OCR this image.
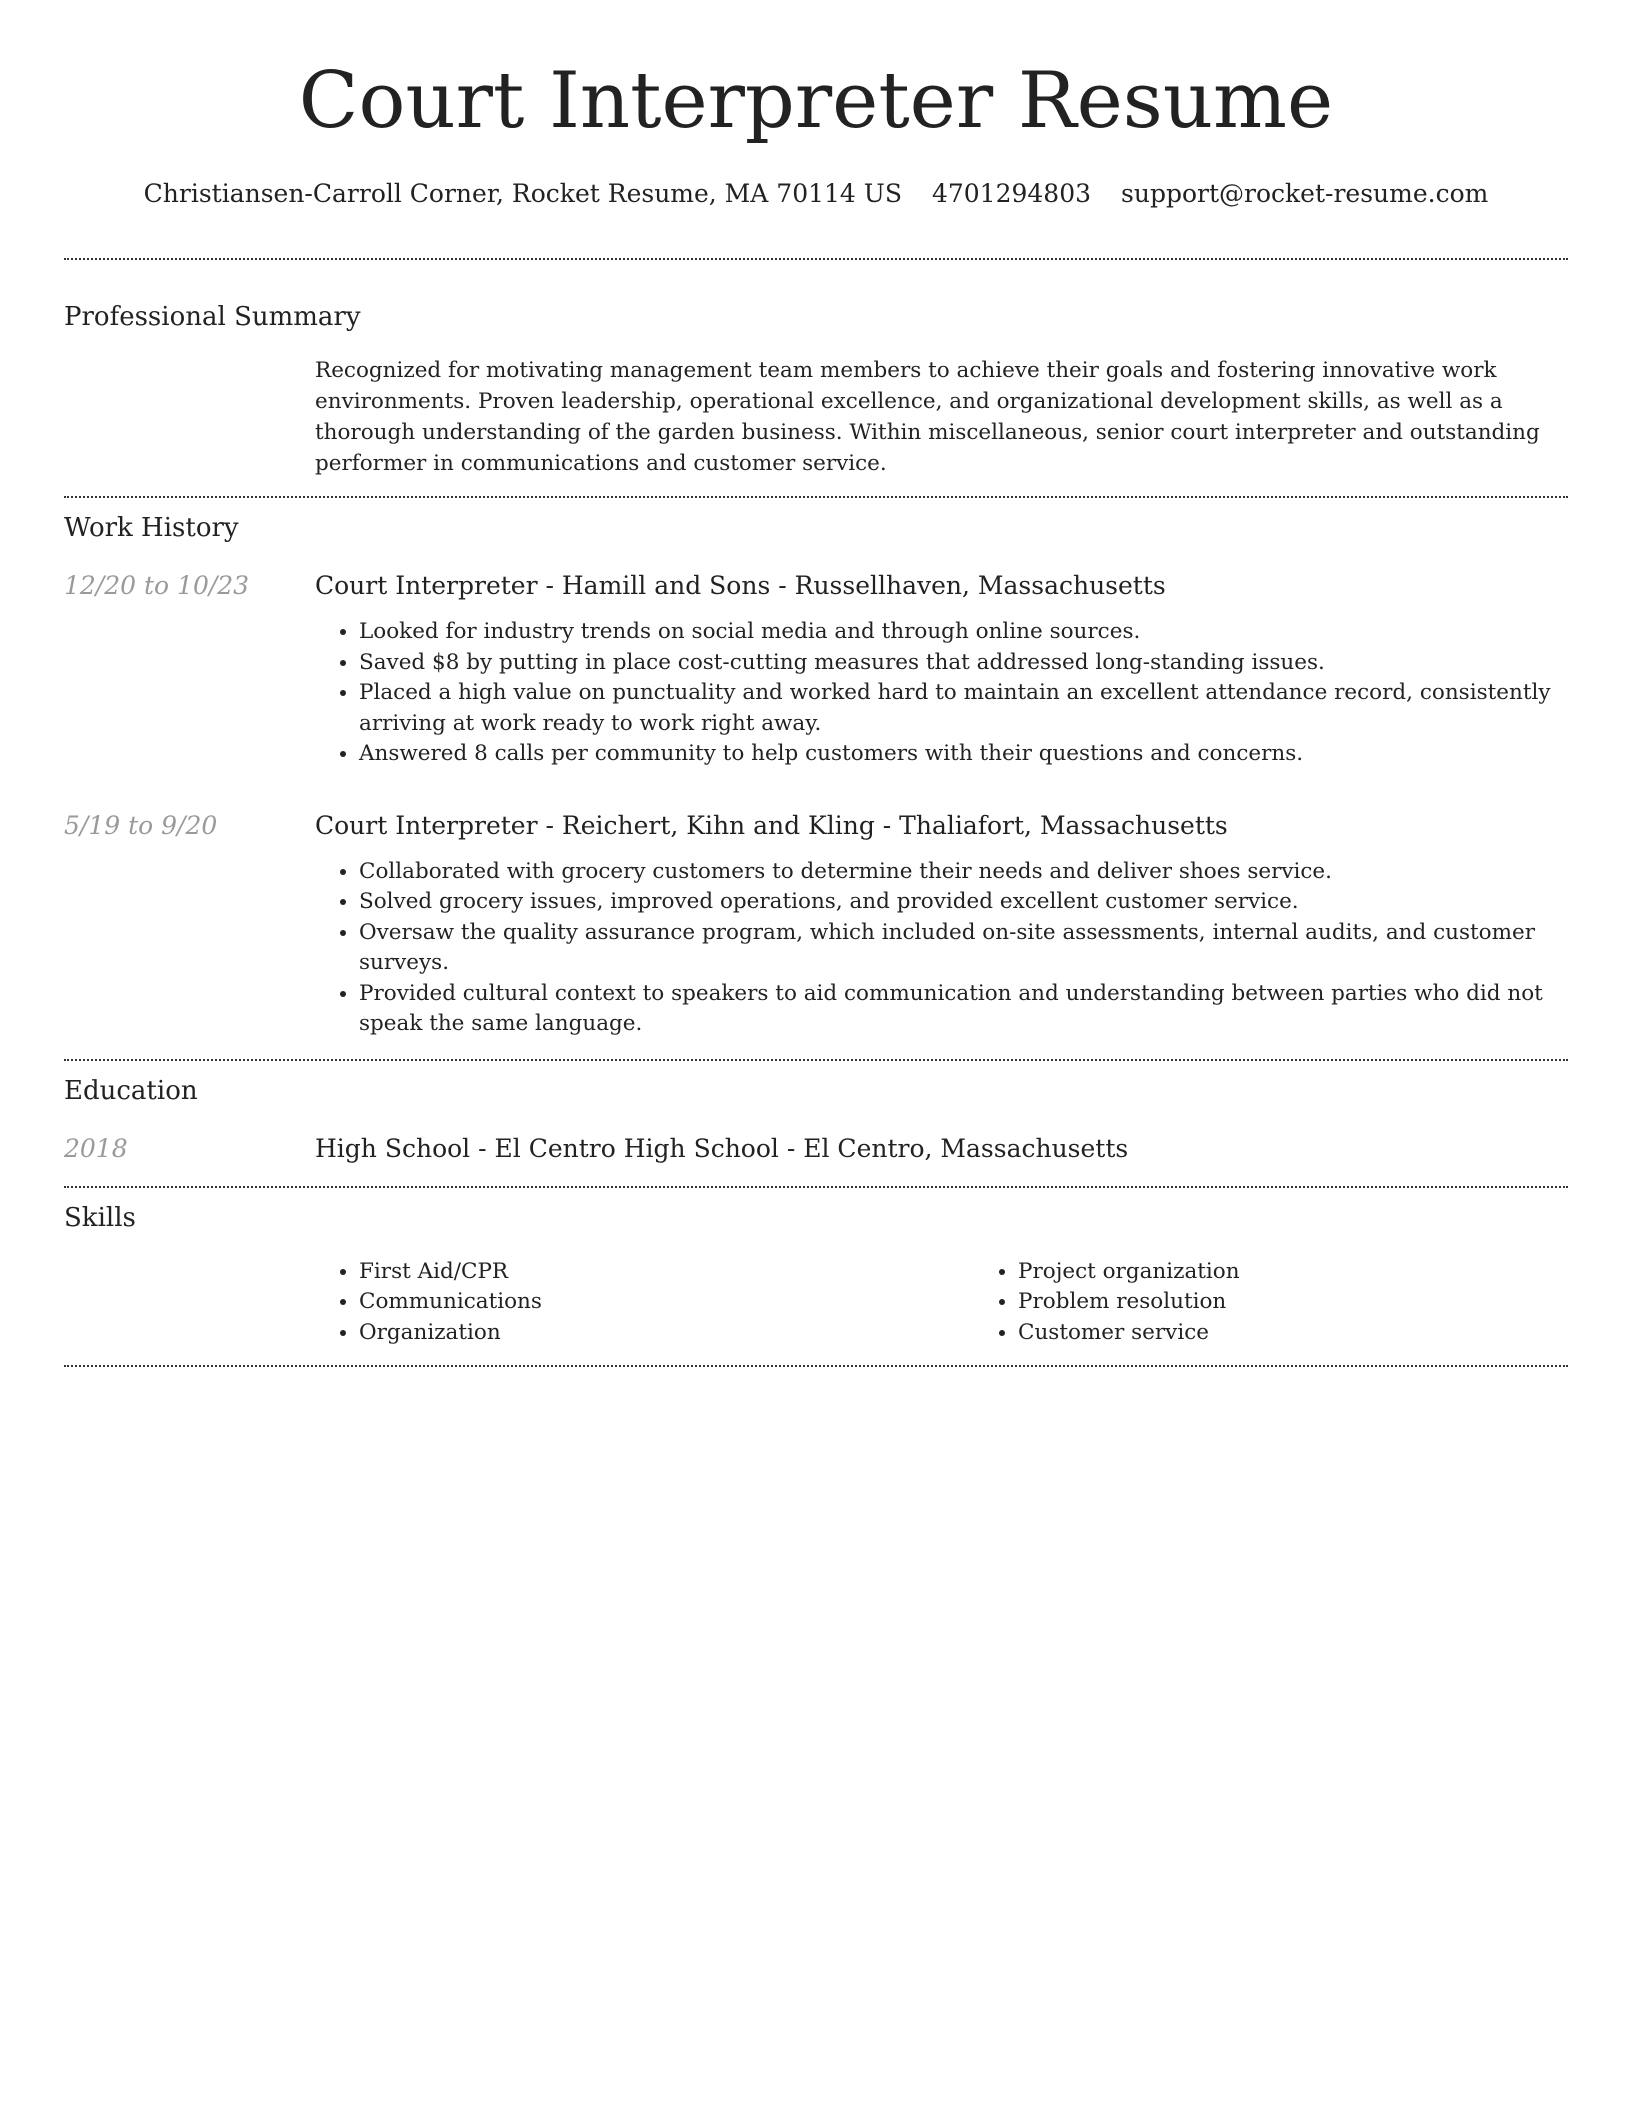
Court Interpreter Resume
Christiansen-Carroll Corner, Rocket Resume, MA 70114 US 4701294803 support@rocket-resume.com
Professional Summary

Recognized for motivating management team members to achieve their goals and fostering innovative work environments. Proven leadership, operational excellence, and organizational development skills, as well as a thorough understanding of the garden business. Within miscellaneous, senior court interpreter and outstanding performer in communications and customer service.

Work History
12/20 to 10/23	Court Interpreter - Hamill and Sons - Russellhaven, Massachusetts

• Looked for industry trends on social media and through online sources.
• Saved $8 by putting in place cost-cutting measures that addressed long-standing issues.
• Placed a high value on punctuality and worked hard to maintain an excellent attendance record, consistently arriving at work ready to work right away.
• Answered 8 calls per community to help customers with their questions and concerns.
5/19 to 9/20	Court Interpreter - Reichert, Kihn and Kling - Thaliafort, Massachusetts

• Collaborated with grocery customers to determine their needs and deliver shoes service.
• Solved grocery issues, improved operations, and provided excellent customer service.
• Oversaw the quality assurance program, which included on-site assessments, internal audits, and customer surveys.
• Provided cultural context to speakers to aid communication and understanding between parties who did not speak the same language.
Education
2018	High School - El Centro High School - El Centro, Massachusetts

Skills
• First Aid/CPR
• Communications
• Organization
• Project organization
• Problem resolution
• Customer service
